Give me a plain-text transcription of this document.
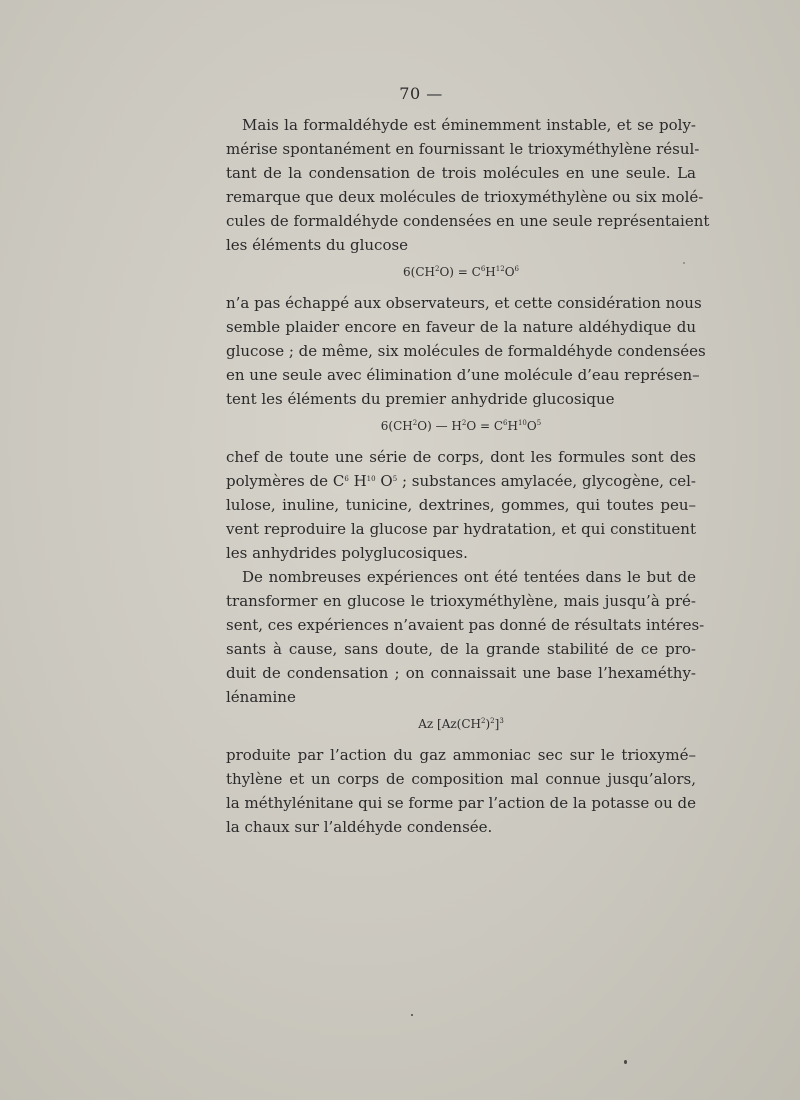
70 —
Mais la formaldéhyde est éminemment instable, et se poly-
mérise spontanément en fournissant le trioxyméthylène résul-
tant de la condensation de trois molécules en une seule. La
remarque que deux molécules de trioxyméthylène ou six molé-
cules de formaldéhyde condensées en une seule représentaient
les éléments du glucose
$6(CH^2O) = C^6H^{12}O^6$
n’a pas échappé aux observateurs, et cette considération nous
semble plaider encore en faveur de la nature aldéhydique du
glucose ; de même, six molécules de formaldéhyde condensées
en une seule avec élimination d’une molécule d’eau représen–
tent les éléments du premier anhydride glucosique
$6(CH^2O)$ — $H^2O = C^6H^{10}O^5$
chef de toute une série de corps, dont les formules sont des
polymères de $C^6$ $H^{10}$ $O^5$ ; substances amylacée, glycogène, cel-
lulose, inuline, tunicine, dextrines, gommes, qui toutes peu–
vent reproduire la glucose par hydratation, et qui constituent
les anhydrides polyglucosiques.
De nombreuses expériences ont été tentées dans le but de
transformer en glucose le trioxyméthylène, mais jusqu’à pré-
sent, ces expériences n’avaient pas donné de résultats intéres-
sants à cause, sans doute, de la grande stabilité de ce pro-
duit de condensation ; on connaissait une base l’hexaméthy-
lénamine
Az $[Az(CH^2)^2]^3$
produite par l’action du gaz ammoniac sec sur le trioxymé–
thylène et un corps de composition mal connue jusqu’alors,
la méthylénitane qui se forme par l’action de la potasse ou de
la chaux sur l’aldéhyde condensée.
